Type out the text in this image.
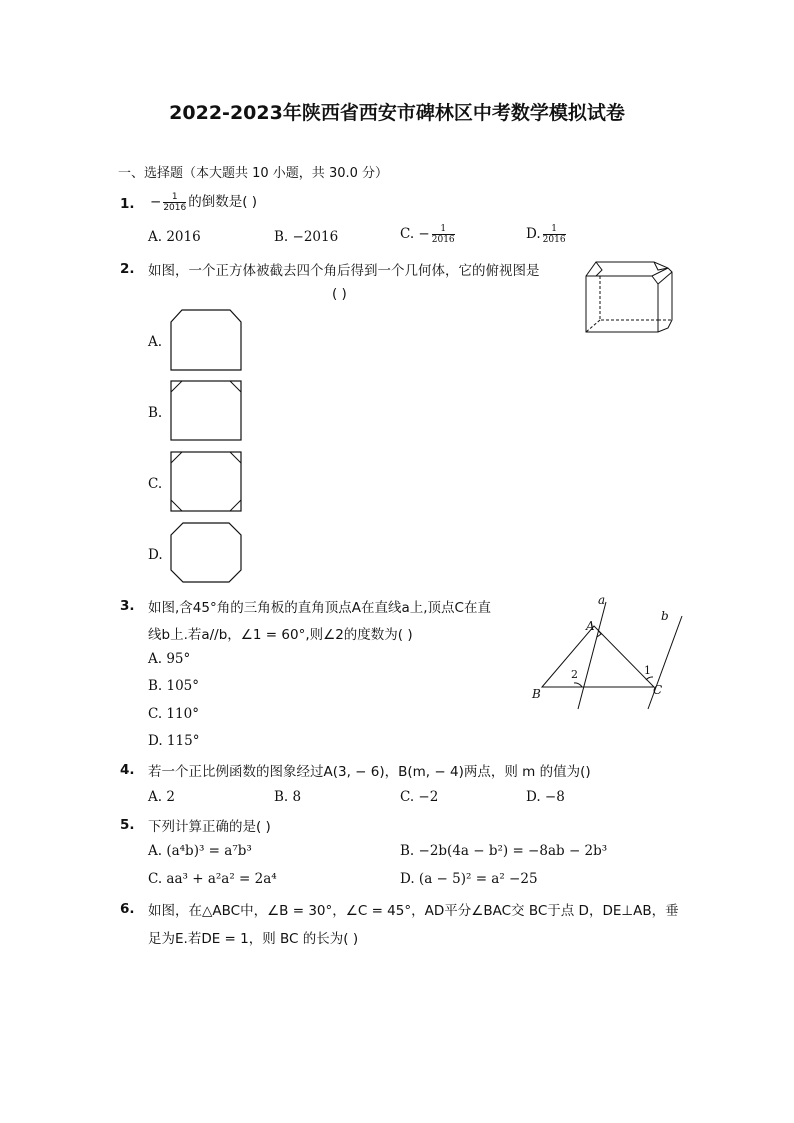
2022-2023年陕西省西安市碑林区中考数学模拟试卷
一、选择题（本大题共 10 小题，共 30.0 分）
1. − $\frac{1}{2016}$ 的倒数是( )
A. 2016	B. −2016	C. − $\frac{1}{2016}$	D. $\frac{1}{2016}$
2. 如图，一个正方体被截去四个角后得到一个几何体，它的俯视图是
( )
A.
B.
C.
D.
3. 如图,含45°角的三角板的直角顶点A在直线a上,顶点C在直
线b上.若a//b，∠1 = 60°,则∠2的度数为( )
A. 95°
B. 105°
C. 110°
D. 115°
a
b
A
B	C
1
2
4. 若一个正比例函数的图象经过A(3, − 6)，B(m, − 4)两点，则 m 的值为()
A. 2	B. 8	C. −2	D. −8
5. 下列计算正确的是( )
A. (a⁴b)³ = a⁷b³	B. −2b(4a − b²) = −8ab − 2b³
C. aa³ + a²a² = 2a⁴	D. (a − 5)² = a² −25
6. 如图，在△ABC中，∠B = 30°，∠C = 45°，AD平分∠BAC交 BC于点 D，DE⊥AB，垂
足为E.若DE = 1，则 BC 的长为( )
